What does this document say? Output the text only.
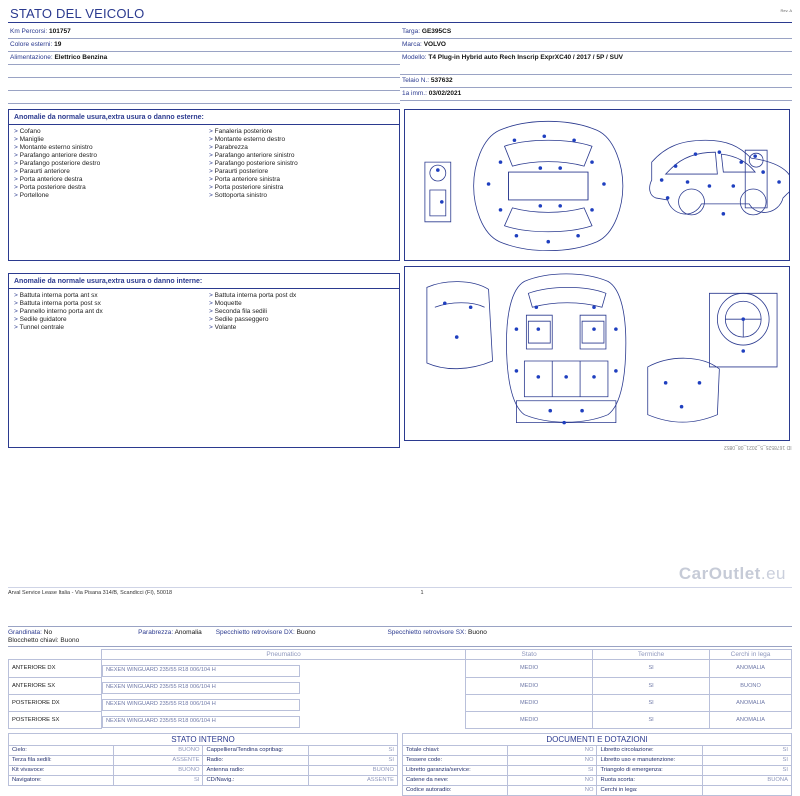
Rev. A
STATO DEL VEICOLO
Km Percorsi: 101757
Colore esterni: 19
Alimentazione: Elettrico Benzina

Targa: GE395CS
Marca: VOLVO
Modello: T4 Plug-in Hybrid auto Rech Inscrip ExprXC40 / 2017 / 5P / SUV
Telaio N.: 537632
1a imm.: 03/02/2021
Anomalie da normale usura,extra usura o danno esterne:
> Cofano
> Maniglie
> Montante esterno sinistro
> Parafango anteriore destro
> Parafango posteriore destro
> Paraurti anteriore
> Porta anteriore destra
> Porta posteriore destra
> Portellone
> Fanaleria posteriore
> Montante esterno destro
> Parabrezza
> Parafango anteriore sinistro
> Parafango posteriore sinistro
> Paraurti posteriore
> Porta anteriore sinistra
> Porta posteriore sinistra
> Sottoporta sinistro
Anomalie da normale usura,extra usura o danno interne:
> Battuta interna porta ant sx
> Battuta interna porta post sx
> Pannello interno porta ant dx
> Sedile guidatore
> Tunnel centrale
> Battuta interna porta post dx
> Moquette
> Seconda fila sedili
> Sedile passeggero
> Volante
Grandinata: No	Parabrezza: Anomalia	Specchietto retrovisore DX: Buono	Specchietto retrovisore SX: Buono
Blocchetto chiavi: Buono
	Pneumatico	Stato	Termiche	Cerchi in lega
ANTERIORE DX		NEXEN WINGUARD 235/55 R18 006/104 H	MEDIO	SI	ANOMALIA
ANTERIORE SX		NEXEN WINGUARD 235/55 R18 006/104 H	MEDIO	SI	BUONO
POSTERIORE DX		NEXEN WINGUARD 235/55 R18 006/104 H	MEDIO	SI	ANOMALIA
POSTERIORE SX		NEXEN WINGUARD 235/55 R18 006/104 H	MEDIO	SI	ANOMALIA
STATO INTERNO
Cielo:	BUONO	Cappelliera/Tendina copribag:	SI
Terza fila sedili:	ASSENTE	Radio:	SI
Kit vivavoce:	BUONO	Antenna radio:	BUONO
Navigatore:	SI	CD/Navig.:	ASSENTE
DOCUMENTI E DOTAZIONI
Totale chiavi:	NO	Libretto circolazione:	SI
Tessere code:	NO	Libretto uso e manutenzione:	SI
Libretto garanzia/service:	SI	Triangolo di emergenza:	SI
Catene da neve:	NO	Ruota scorta:	BUONA
Codice autoradio:	NO	Cerchi in lega:	
ID 1678525_5_2021_08_0852
CarOutlet.eu
Arval Service Lease Italia - Via Pisana 314/B, Scandicci (FI), 50018	1
